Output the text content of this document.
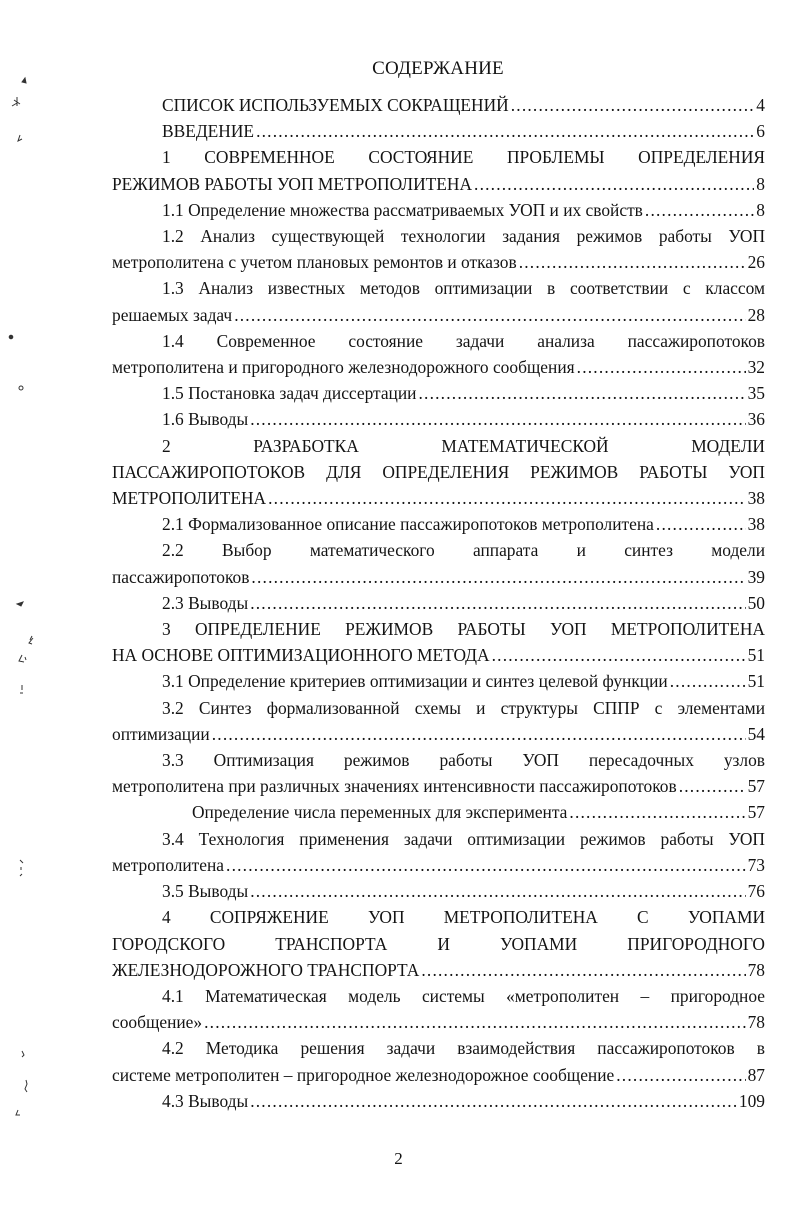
СОДЕРЖАНИЕ
СПИСОК ИСПОЛЬЗУЕМЫХ СОКРАЩЕНИЙ .....	4
ВВЕДЕНИЕ .....	6
1 СОВРЕМЕННОЕ СОСТОЯНИЕ ПРОБЛЕМЫ ОПРЕДЕЛЕНИЯ
РЕЖИМОВ РАБОТЫ УОП МЕТРОПОЛИТЕНА .....	8
1.1 Определение множества рассматриваемых УОП и их свойств .....	8
1.2 Анализ существующей технологии задания режимов работы УОП
метрополитена с учетом плановых ремонтов и отказов .....	26
1.3 Анализ известных методов оптимизации в соответствии с классом
решаемых задач .....	28
1.4 Современное состояние задачи анализа пассажиропотоков
метрополитена и пригородного железнодорожного сообщения .....	32
1.5 Постановка задач диссертации .....	35
1.6 Выводы .....	36
2 РАЗРАБОТКА МАТЕМАТИЧЕСКОЙ МОДЕЛИ
ПАССАЖИРОПОТОКОВ ДЛЯ ОПРЕДЕЛЕНИЯ РЕЖИМОВ РАБОТЫ УОП
МЕТРОПОЛИТЕНА .....	38
2.1 Формализованное описание пассажиропотоков метрополитена .....	38
2.2 Выбор математического аппарата и синтез модели
пассажиропотоков .....	39
2.3 Выводы .....	50
3 ОПРЕДЕЛЕНИЕ РЕЖИМОВ РАБОТЫ УОП МЕТРОПОЛИТЕНА
НА ОСНОВЕ ОПТИМИЗАЦИОННОГО МЕТОДА .....	51
3.1 Определение критериев оптимизации и синтез целевой функции .....	51
3.2 Синтез формализованной схемы и структуры СППР с элементами
оптимизации .....	54
3.3 Оптимизация режимов работы УОП пересадочных узлов
метрополитена при различных значениях интенсивности пассажиропотоков .....	57
Определение числа переменных для эксперимента .....	57
3.4 Технология применения задачи оптимизации режимов работы УОП
метрополитена .....	73
3.5 Выводы .....	76
4 СОПРЯЖЕНИЕ УОП МЕТРОПОЛИТЕНА С УОПАМИ
ГОРОДСКОГО ТРАНСПОРТА И УОПАМИ ПРИГОРОДНОГО
ЖЕЛЕЗНОДОРОЖНОГО ТРАНСПОРТА .....	78
4.1 Математическая модель системы «метрополитен – пригородное
сообщение» .....	78
4.2 Методика решения задачи взаимодействия пассажиропотоков в
системе метрополитен – пригородное железнодорожное сообщение .....	87
4.3 Выводы .....	109
2
